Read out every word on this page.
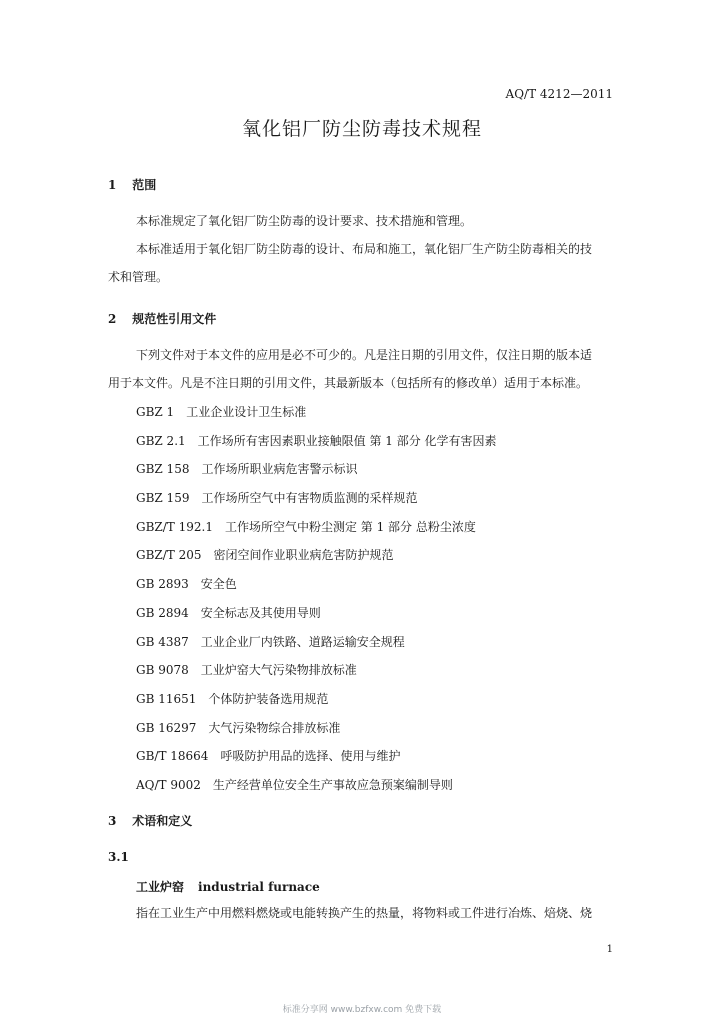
AQ/T 4212—2011
氧化铝厂防尘防毒技术规程
1 范围
本标准规定了氧化铝厂防尘防毒的设计要求、技术措施和管理。
本标准适用于氧化铝厂防尘防毒的设计、布局和施工，氧化铝厂生产防尘防毒相关的技
术和管理。
2 规范性引用文件
下列文件对于本文件的应用是必不可少的。凡是注日期的引用文件，仅注日期的版本适
用于本文件。凡是不注日期的引用文件，其最新版本（包括所有的修改单）适用于本标准。
GBZ 1 工业企业设计卫生标准
GBZ 2.1 工作场所有害因素职业接触限值 第 1 部分 化学有害因素
GBZ 158 工作场所职业病危害警示标识
GBZ 159 工作场所空气中有害物质监测的采样规范
GBZ/T 192.1 工作场所空气中粉尘测定 第 1 部分 总粉尘浓度
GBZ/T 205 密闭空间作业职业病危害防护规范
GB 2893 安全色
GB 2894 安全标志及其使用导则
GB 4387 工业企业厂内铁路、道路运输安全规程
GB 9078 工业炉窑大气污染物排放标准
GB 11651 个体防护装备选用规范
GB 16297 大气污染物综合排放标准
GB/T 18664 呼吸防护用品的选择、使用与维护
AQ/T 9002 生产经营单位安全生产事故应急预案编制导则
3 术语和定义
3.1
工业炉窑 industrial furnace
指在工业生产中用燃料燃烧或电能转换产生的热量，将物料或工件进行冶炼、焙烧、烧
1
标准分享网 www.bzfxw.com 免费下载
